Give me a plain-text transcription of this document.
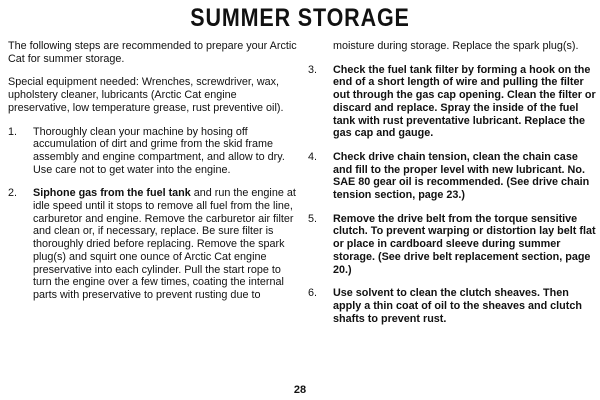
SUMMER STORAGE

The following steps are recommended to prepare your Arctic Cat for summer storage.

Special equipment needed: Wrenches, screwdriver, wax, upholstery cleaner, lubricants (Arctic Cat engine preservative, low temperature grease, rust preventive oil).

1.	Thoroughly clean your machine by hosing off accumulation of dirt and grime from the skid frame assembly and engine compartment, and allow to dry. Use care not to get water into the engine.
2.	Siphone gas from the fuel tank and run the engine at idle speed until it stops to remove all fuel from the line, carburetor and engine. Remove the carburetor air filter and clean or, if necessary, replace. Be sure filter is thoroughly dried before replacing. Remove the spark plug(s) and squirt one ounce of Arctic Cat engine preservative into each cylinder. Pull the start rope to turn the engine over a few times, coating the internal parts with preservative to prevent rusting due to
moisture during storage. Replace the spark plug(s).
3.	Check the fuel tank filter by forming a hook on the end of a short length of wire and pulling the filter out through the gas cap opening. Clean the filter or discard and replace. Spray the inside of the fuel tank with rust preventative lubricant. Replace the gas cap and gauge.
4.	Check drive chain tension, clean the chain case and fill to the proper level with new lubricant. No. SAE 80 gear oil is recommended. (See drive chain tension section, page 23.)
5.	Remove the drive belt from the torque sensitive clutch. To prevent warping or distortion lay belt flat or place in cardboard sleeve during summer storage. (See drive belt replacement section, page 20.)
6.	Use solvent to clean the clutch sheaves. Then apply a thin coat of oil to the sheaves and clutch shafts to prevent rust.
28
